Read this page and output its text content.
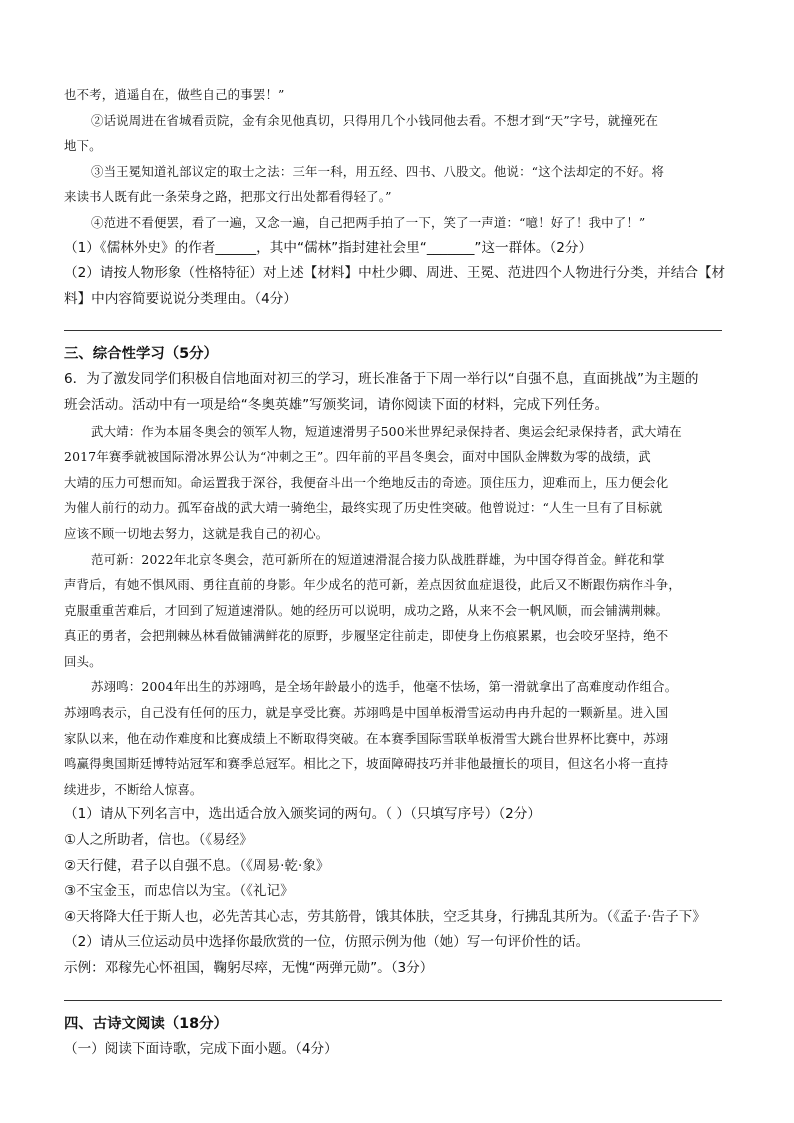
也不考，逍遥自在，做些自己的事罢！”
②话说周进在省城看贡院，金有余见他真切，只得用几个小钱同他去看。不想才到“天”字号，就撞死在
地下。
③当王冕知道礼部议定的取士之法：三年一科，用五经、四书、八股文。他说：“这个法却定的不好。将
来读书人既有此一条荣身之路，把那文行出处都看得轻了。”
④范进不看便罢，看了一遍，又念一遍，自己把两手拍了一下，笑了一声道：“噫！好了！我中了！”
（1）《儒林外史》的作者______，其中“儒林”指封建社会里“_______”这一群体。（2分）
（2）请按人物形象（性格特征）对上述【材料】中杜少卿、周进、王冕、范进四个人物进行分类，并结合【材
料】中内容简要说说分类理由。（4分）
三、综合性学习（5分）
6．为了激发同学们积极自信地面对初三的学习，班长准备于下周一举行以“自强不息，直面挑战”为主题的
班会活动。活动中有一项是给“冬奥英雄”写颁奖词，请你阅读下面的材料，完成下列任务。
武大靖：作为本届冬奥会的领军人物，短道速滑男子500米世界纪录保持者、奥运会纪录保持者，武大靖在
2017年赛季就被国际滑冰界公认为“冲刺之王”。四年前的平昌冬奥会，面对中国队金牌数为零的战绩，武
大靖的压力可想而知。命运置我于深谷，我便奋斗出一个绝地反击的奇迹。顶住压力，迎难而上，压力便会化
为催人前行的动力。孤军奋战的武大靖一骑绝尘，最终实现了历史性突破。他曾说过：“人生一旦有了目标就
应该不顾一切地去努力，这就是我自己的初心。
范可新：2022年北京冬奥会，范可新所在的短道速滑混合接力队战胜群雄，为中国夺得首金。鲜花和掌
声背后，有她不惧风雨、勇往直前的身影。年少成名的范可新，差点因贫血症退役，此后又不断跟伤病作斗争，
克服重重苦难后，才回到了短道速滑队。她的经历可以说明，成功之路，从来不会一帆风顺，而会铺满荆棘。
真正的勇者，会把荆棘丛林看做铺满鲜花的原野，步履坚定往前走，即使身上伤痕累累，也会咬牙坚持，绝不
回头。
苏翊鸣：2004年出生的苏翊鸣，是全场年龄最小的选手，他毫不怯场，第一滑就拿出了高难度动作组合。
苏翊鸣表示，自己没有任何的压力，就是享受比赛。苏翊鸣是中国单板滑雪运动冉冉升起的一颗新星。进入国
家队以来，他在动作难度和比赛成绩上不断取得突破。在本赛季国际雪联单板滑雪大跳台世界杯比赛中，苏翊
鸣赢得奥国斯廷博特站冠军和赛季总冠军。相比之下，坡面障碍技巧并非他最擅长的项目，但这名小将一直持
续进步，不断给人惊喜。
（1）请从下列名言中，选出适合放入颁奖词的两句。（ ）（只填写序号）（2分）
①人之所助者，信也。（《易经》
②天行健，君子以自强不息。（《周易·乾·象》
③不宝金玉，而忠信以为宝。（《礼记》
④天将降大任于斯人也，必先苦其心志，劳其筋骨，饿其体肤，空乏其身，行拂乱其所为。（《孟子·告子下》
（2）请从三位运动员中选择你最欣赏的一位，仿照示例为他（她）写一句评价性的话。
示例：邓稼先心怀祖国，鞠躬尽瘁，无愧“两弹元勋”。（3分）
四、古诗文阅读（18分）
（一）阅读下面诗歌，完成下面小题。（4分）
